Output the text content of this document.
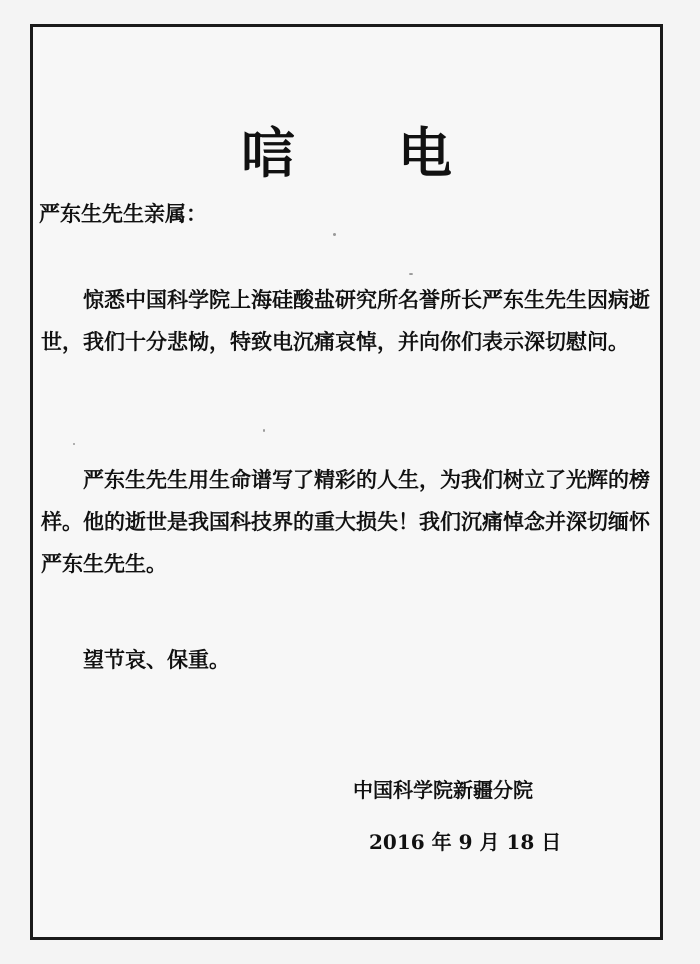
唁 电
严东生先生亲属：

惊悉中国科学院上海硅酸盐研究所名誉所长严东生先生因病逝世，我们十分悲恸，特致电沉痛哀悼，并向你们表示深切慰问。

严东生先生用生命谱写了精彩的人生，为我们树立了光辉的榜样。他的逝世是我国科技界的重大损失！我们沉痛悼念并深切缅怀严东生先生。

望节哀、保重。

中国科学院新疆分院
2016 年 9 月 18 日
